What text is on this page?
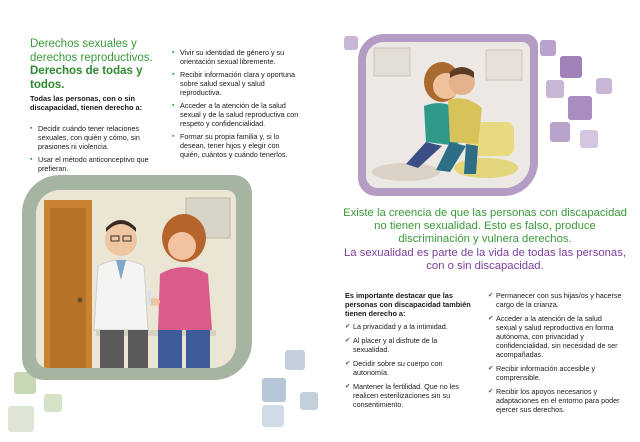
Derechos sexuales y derechos reproductivos.
Derechos de todas y todos.
Todas las personas, con o sin discapacidad, tienen derecho a:
▪ Decidir cuándo tener relaciones sexuales, con quién y cómo, sin prasiones ni violencia.
▪ Usar el método anticonceptivo que prefieran.
▪ Vivir su identidad de género y su orientación sexual libremente.
▪ Recibir información clara y oportuna sobre salud sexual y salud reproductiva.
▪ Acceder a la atención de la salud sexual y de la salud reproductiva con respeto y confidencialidad.
▪ Formar su propia familia y, si lo desean, tener hijos y elegir con quién, cuántos y cuándo tenerlos.
Existe la creencia de que las personas con discapacidad no tienen sexualidad. Esto es falso, produce discriminación y vulnera derechos.
La sexualidad es parte de la vida de todas las personas, con o sin discapacidad.
Es importante destacar que las personas con discapacidad también tienen derecho a:
✔ La privacidad y a la intimidad.
✔ Al placer y al disfrute de la sexualidad.
✔ Decidir sobre su cuerpo con autonomía.
✔ Mantener la fertilidad. Que no les realicen esterilizaciones sin su consentimiento.
✔ Permanecer con sus hijas/os y hacerse cargo de la crianza.
✔ Acceder a la atención de la salud sexual y salud reproductiva en forma autónoma, con privacidad y confidencialidad, sin necesidad de ser acompañadas.
✔ Recibir información accesible y comprensible.
✔ Recibir los apoyos necesarios y adaptaciones en el entorno para poder ejercer sus derechos.
